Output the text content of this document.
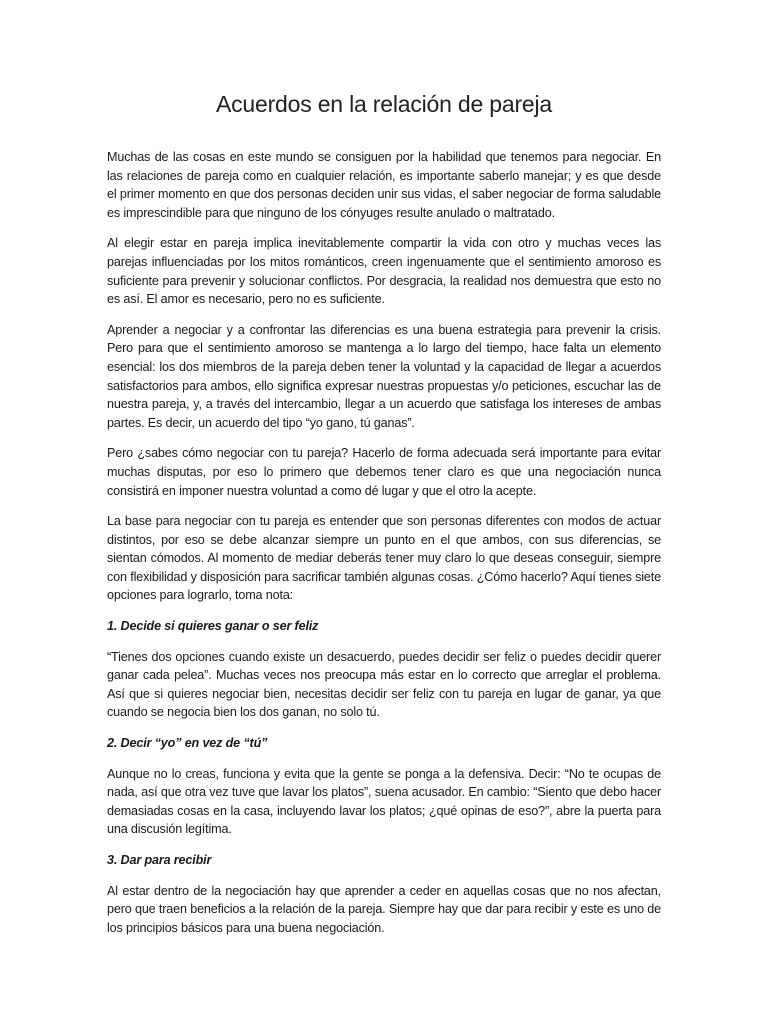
Acuerdos en la relación de pareja

Muchas de las cosas en este mundo se consiguen por la habilidad que tenemos para negociar. En las relaciones de pareja como en cualquier relación, es importante saberlo manejar; y es que desde el primer momento en que dos personas deciden unir sus vidas, el saber negociar de forma saludable es imprescindible para que ninguno de los cónyuges resulte anulado o maltratado.

Al elegir estar en pareja implica inevitablemente compartir la vida con otro y muchas veces las parejas influenciadas por los mitos románticos, creen ingenuamente que el sentimiento amoroso es suficiente para prevenir y solucionar conflictos. Por desgracia, la realidad nos demuestra que esto no es así. El amor es necesario, pero no es suficiente.

Aprender a negociar y a confrontar las diferencias es una buena estrategia para prevenir la crisis. Pero para que el sentimiento amoroso se mantenga a lo largo del tiempo, hace falta un elemento esencial: los dos miembros de la pareja deben tener la voluntad y la capacidad de llegar a acuerdos satisfactorios para ambos, ello significa expresar nuestras propuestas y/o peticiones, escuchar las de nuestra pareja, y, a través del intercambio, llegar a un acuerdo que satisfaga los intereses de ambas partes. Es decir, un acuerdo del tipo “yo gano, tú ganas”.

Pero ¿sabes cómo negociar con tu pareja? Hacerlo de forma adecuada será importante para evitar muchas disputas, por eso lo primero que debemos tener claro es que una negociación nunca consistirá en imponer nuestra voluntad a como dé lugar y que el otro la acepte.

La base para negociar con tu pareja es entender que son personas diferentes con modos de actuar distintos, por eso se debe alcanzar siempre un punto en el que ambos, con sus diferencias, se sientan cómodos. Al momento de mediar deberás tener muy claro lo que deseas conseguir, siempre con flexibilidad y disposición para sacrificar también algunas cosas. ¿Cómo hacerlo? Aquí tienes siete opciones para lograrlo, toma nota:

1. Decide si quieres ganar o ser feliz

“Tienes dos opciones cuando existe un desacuerdo, puedes decidir ser feliz o puedes decidir querer ganar cada pelea”. Muchas veces nos preocupa más estar en lo correcto que arreglar el problema. Así que si quieres negociar bien, necesitas decidir ser feliz con tu pareja en lugar de ganar, ya que cuando se negocia bien los dos ganan, no solo tú.

2. Decir “yo” en vez de “tú”

Aunque no lo creas, funciona y evita que la gente se ponga a la defensiva. Decir: “No te ocupas de nada, así que otra vez tuve que lavar los platos”, suena acusador. En cambio: “Siento que debo hacer demasiadas cosas en la casa, incluyendo lavar los platos; ¿qué opinas de eso?”, abre la puerta para una discusión legítima.

3. Dar para recibir

Al estar dentro de la negociación hay que aprender a ceder en aquellas cosas que no nos afectan, pero que traen beneficios a la relación de la pareja. Siempre hay que dar para recibir y este es uno de los principios básicos para una buena negociación.
